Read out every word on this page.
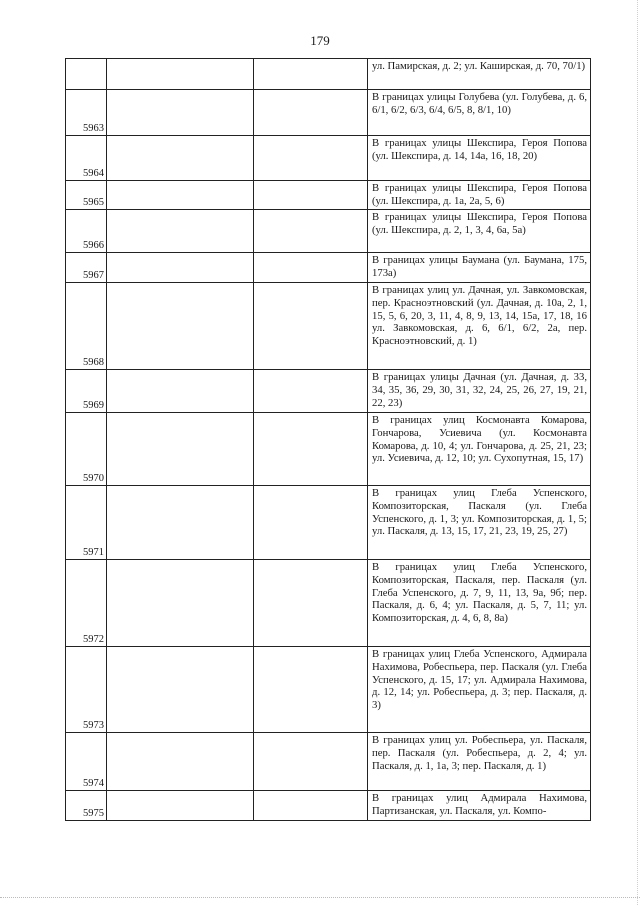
179
			ул. Памирская, д. 2; ул. Каширская, д. 70, 70/1)
5963			В границах улицы Голубева (ул. Голубева, д. 6, 6/1, 6/2, 6/3, 6/4, 6/5, 8, 8/1, 10)
5964			В границах улицы Шекспира, Героя Попова (ул. Шекспира, д. 14, 14а, 16, 18, 20)
5965			В границах улицы Шекспира, Героя Попова (ул. Шекспира, д. 1а, 2а, 5, 6)
5966			В границах улицы Шекспира, Героя Попова (ул. Шекспира, д. 2, 1, 3, 4, 6а, 5а)
5967			В границах улицы Баумана (ул. Баумана, 175, 173а)
5968			В границах улиц ул. Дачная, ул. Завкомовская, пер. Красноэтновский (ул. Дачная, д. 10а, 2, 1, 15, 5, 6, 20, 3, 11, 4, 8, 9, 13, 14, 15а, 17, 18, 16 ул. Завкомовская, д. 6, 6/1, 6/2, 2а, пер. Красноэтновский, д. 1)
5969			В границах улицы Дачная (ул. Дачная, д. 33, 34, 35, 36, 29, 30, 31, 32, 24, 25, 26, 27, 19, 21, 22, 23)
5970			В границах улиц Космонавта Комарова, Гончарова, Усиевича (ул. Космонавта Комарова, д. 10, 4; ул. Гончарова, д. 25, 21, 23; ул. Усиевича, д. 12, 10; ул. Сухопутная, 15, 17)
5971			В границах улиц Глеба Успенского, Композиторская, Паскаля (ул. Глеба Успенского, д. 1, 3; ул. Композиторская, д. 1, 5; ул. Паскаля, д. 13, 15, 17, 21, 23, 19, 25, 27)
5972			В границах улиц Глеба Успенского, Композиторская, Паскаля, пер. Паскаля (ул. Глеба Успенского, д. 7, 9, 11, 13, 9а, 9б; пер. Паскаля, д. 6, 4; ул. Паскаля, д. 5, 7, 11; ул. Композиторская, д. 4, 6, 8, 8а)
5973			В границах улиц Глеба Успенского, Адмирала Нахимова, Робеспьера, пер. Паскаля (ул. Глеба Успенского, д. 15, 17; ул. Адмирала Нахимова, д. 12, 14; ул. Робеспьера, д. 3; пер. Паскаля, д. 3)
5974			В границах улиц ул. Робеспьера, ул. Паскаля, пер. Паскаля (ул. Робеспьера, д. 2, 4; ул. Паскаля, д. 1, 1а, 3; пер. Паскаля, д. 1)
5975			В границах улиц Адмирала Нахимова, Партизанская, ул. Паскаля, ул. Компо-
